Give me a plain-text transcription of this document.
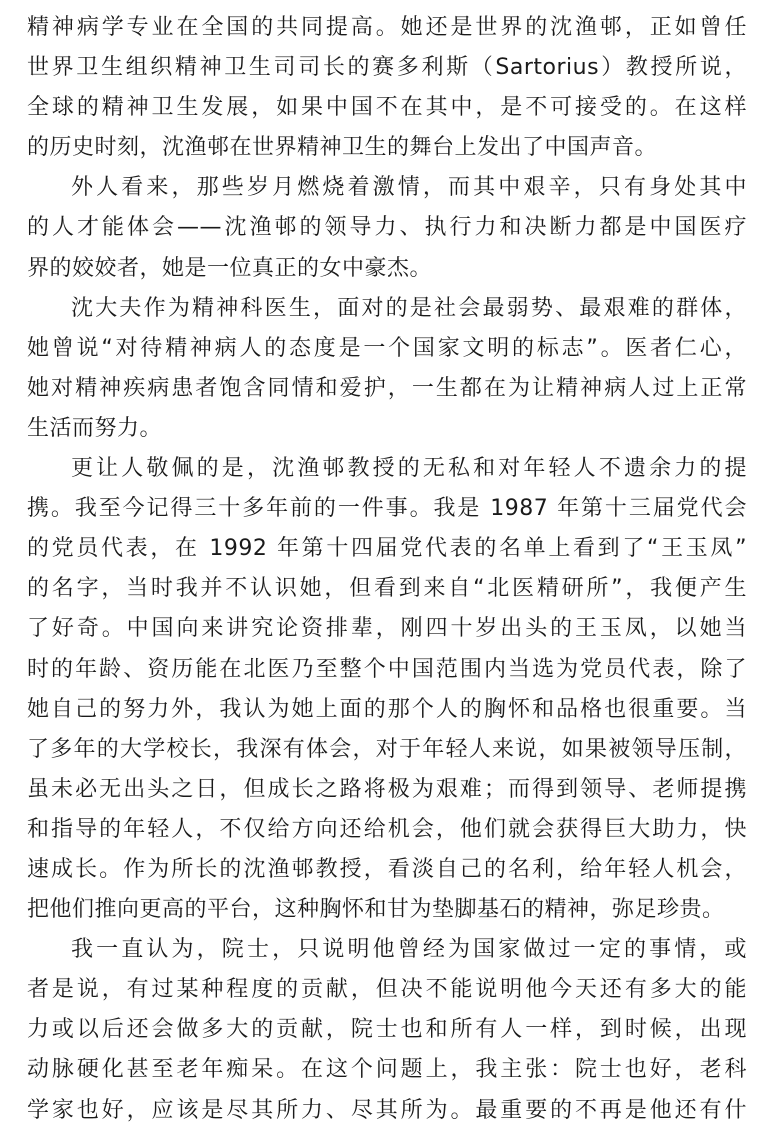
精神病学专业在全国的共同提高。她还是世界的沈渔邨，正如曾任
世界卫生组织精神卫生司司长的赛多利斯（Sartorius）教授所说，
全球的精神卫生发展，如果中国不在其中，是不可接受的。在这样
的历史时刻，沈渔邨在世界精神卫生的舞台上发出了中国声音。
外人看来，那些岁月燃烧着激情，而其中艰辛，只有身处其中
的人才能体会——沈渔邨的领导力、执行力和决断力都是中国医疗
界的姣姣者，她是一位真正的女中豪杰。
沈大夫作为精神科医生，面对的是社会最弱势、最艰难的群体，
她曾说“对待精神病人的态度是一个国家文明的标志”。医者仁心，
她对精神疾病患者饱含同情和爱护，一生都在为让精神病人过上正常
生活而努力。
更让人敬佩的是，沈渔邨教授的无私和对年轻人不遗余力的提
携。我至今记得三十多年前的一件事。我是 1987 年第十三届党代会
的党员代表，在 1992 年第十四届党代表的名单上看到了“王玉凤”
的名字，当时我并不认识她，但看到来自“北医精研所”，我便产生
了好奇。中国向来讲究论资排辈，刚四十岁出头的王玉凤，以她当
时的年龄、资历能在北医乃至整个中国范围内当选为党员代表，除了
她自己的努力外，我认为她上面的那个人的胸怀和品格也很重要。当
了多年的大学校长，我深有体会，对于年轻人来说，如果被领导压制，
虽未必无出头之日，但成长之路将极为艰难；而得到领导、老师提携
和指导的年轻人，不仅给方向还给机会，他们就会获得巨大助力，快
速成长。作为所长的沈渔邨教授，看淡自己的名利，给年轻人机会，
把他们推向更高的平台，这种胸怀和甘为垫脚基石的精神，弥足珍贵。
我一直认为，院士，只说明他曾经为国家做过一定的事情，或
者是说，有过某种程度的贡献，但决不能说明他今天还有多大的能
力或以后还会做多大的贡献，院士也和所有人一样，到时候，出现
动脉硬化甚至老年痴呆。在这个问题上，我主张：院士也好，老科
学家也好，应该是尽其所力、尽其所为。最重要的不再是他还有什
